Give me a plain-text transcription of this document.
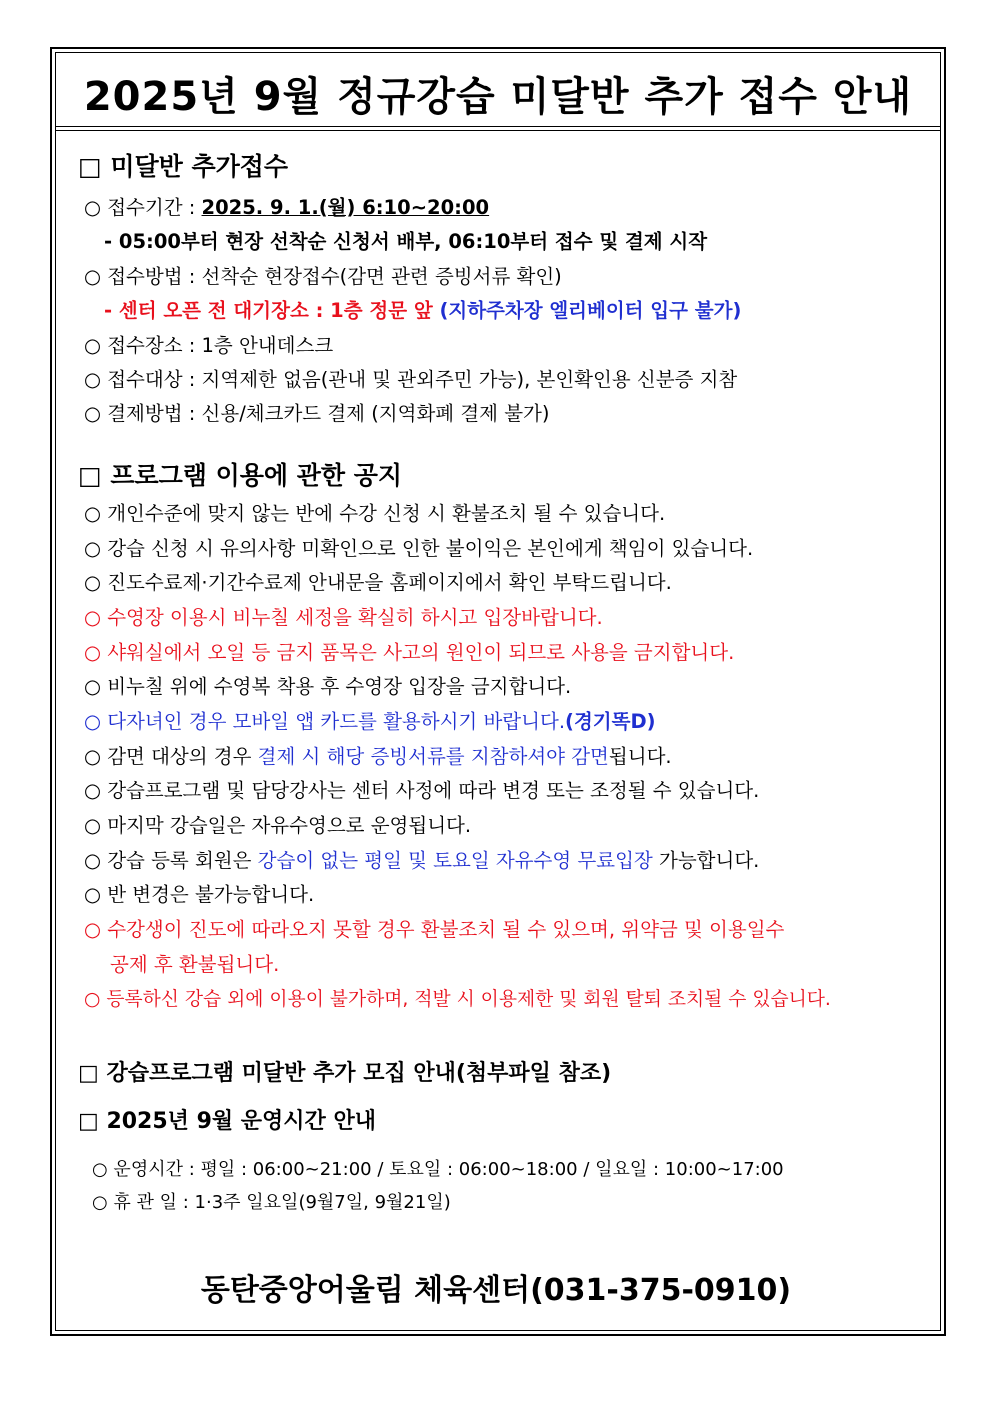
2025년 9월 정규강습 미달반 추가 접수 안내
□ 미달반 추가접수
○ 접수기간 : 2025. 9. 1.(월) 6:10~20:00
- 05:00부터 현장 선착순 신청서 배부, 06:10부터 접수 및 결제 시작
○ 접수방법 : 선착순 현장접수(감면 관련 증빙서류 확인)
- 센터 오픈 전 대기장소 : 1층 정문 앞 (지하주차장 엘리베이터 입구 불가)
○ 접수장소 : 1층 안내데스크
○ 접수대상 : 지역제한 없음(관내 및 관외주민 가능), 본인확인용 신분증 지참
○ 결제방법 : 신용/체크카드 결제 (지역화폐 결제 불가)
□ 프로그램 이용에 관한 공지
○ 개인수준에 맞지 않는 반에 수강 신청 시 환불조치 될 수 있습니다.
○ 강습 신청 시 유의사항 미확인으로 인한 불이익은 본인에게 책임이 있습니다.
○ 진도수료제·기간수료제 안내문을 홈페이지에서 확인 부탁드립니다.
○ 수영장 이용시 비누칠 세정을 확실히 하시고 입장바랍니다.
○ 샤워실에서 오일 등 금지 품목은 사고의 원인이 되므로 사용을 금지합니다.
○ 비누칠 위에 수영복 착용 후 수영장 입장을 금지합니다.
○ 다자녀인 경우 모바일 앱 카드를 활용하시기 바랍니다.(경기똑D)
○ 감면 대상의 경우 결제 시 해당 증빙서류를 지참하셔야 감면됩니다.
○ 강습프로그램 및 담당강사는 센터 사정에 따라 변경 또는 조정될 수 있습니다.
○ 마지막 강습일은 자유수영으로 운영됩니다.
○ 강습 등록 회원은 강습이 없는 평일 및 토요일 자유수영 무료입장 가능합니다.
○ 반 변경은 불가능합니다.
○ 수강생이 진도에 따라오지 못할 경우 환불조치 될 수 있으며, 위약금 및 이용일수
공제 후 환불됩니다.
○ 등록하신 강습 외에 이용이 불가하며, 적발 시 이용제한 및 회원 탈퇴 조치될 수 있습니다.
□ 강습프로그램 미달반 추가 모집 안내(첨부파일 참조)
□ 2025년 9월 운영시간 안내
○ 운영시간 : 평일 : 06:00~21:00 / 토요일 : 06:00~18:00 / 일요일 : 10:00~17:00
○ 휴 관 일 : 1·3주 일요일(9월7일, 9월21일)
동탄중앙어울림 체육센터(031-375-0910)
